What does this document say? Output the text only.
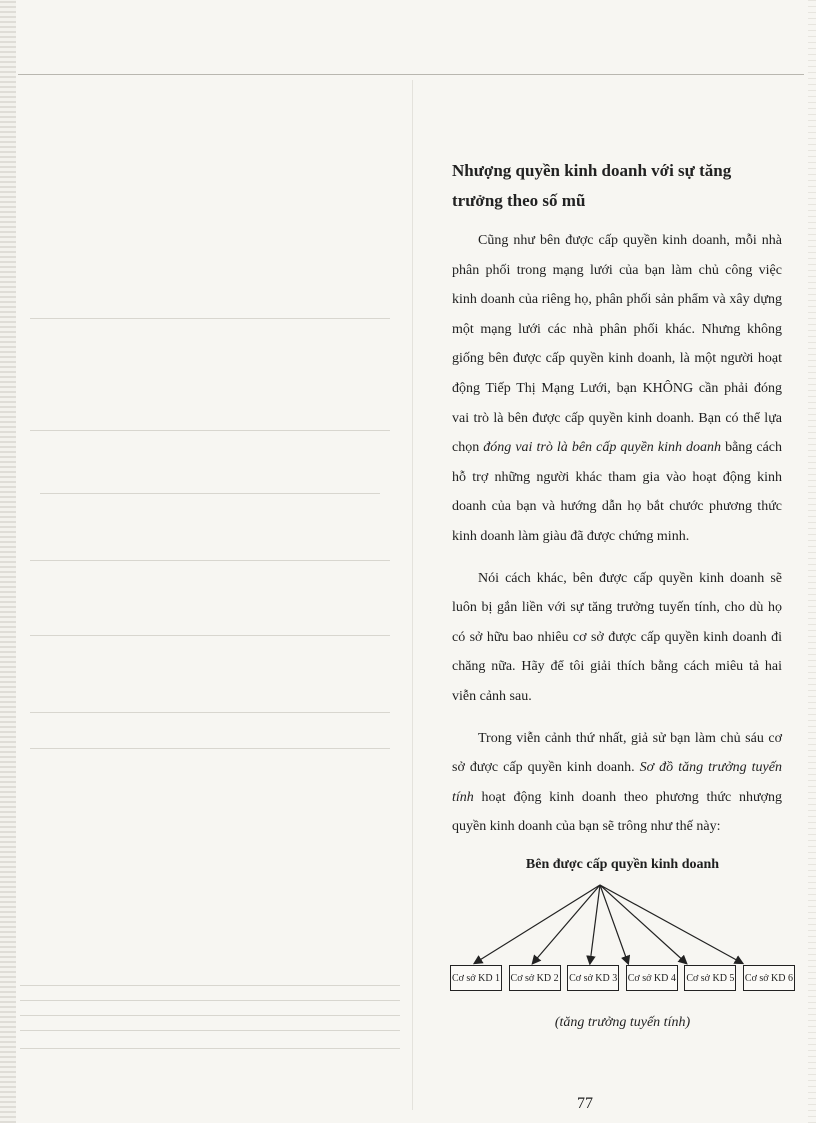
Nhượng quyền kinh doanh với sự tăng trưởng theo số mũ

Cũng như bên được cấp quyền kinh doanh, mỗi nhà phân phối trong mạng lưới của bạn làm chủ công việc kinh doanh của riêng họ, phân phối sản phẩm và xây dựng một mạng lưới các nhà phân phối khác. Nhưng không giống bên được cấp quyền kinh doanh, là một người hoạt động Tiếp Thị Mạng Lưới, bạn KHÔNG cần phải đóng vai trò là bên được cấp quyền kinh doanh. Bạn có thể lựa chọn đóng vai trò là bên cấp quyền kinh doanh bằng cách hỗ trợ những người khác tham gia vào hoạt động kinh doanh của bạn và hướng dẫn họ bắt chước phương thức kinh doanh làm giàu đã được chứng minh.

Nói cách khác, bên được cấp quyền kinh doanh sẽ luôn bị gắn liền với sự tăng trưởng tuyến tính, cho dù họ có sở hữu bao nhiêu cơ sở được cấp quyền kinh doanh đi chăng nữa. Hãy để tôi giải thích bằng cách miêu tả hai viễn cảnh sau.

Trong viễn cảnh thứ nhất, giả sử bạn làm chủ sáu cơ sở được cấp quyền kinh doanh. Sơ đồ tăng trưởng tuyến tính hoạt động kinh doanh theo phương thức nhượng quyền kinh doanh của bạn sẽ trông như thế này:

Bên được cấp quyền kinh doanh
Cơ sở KD 1 Cơ sở KD 2 Cơ sở KD 3 Cơ sở KD 4 Cơ sở KD 5 Cơ sở KD 6
(tăng trưởng tuyến tính)
77
